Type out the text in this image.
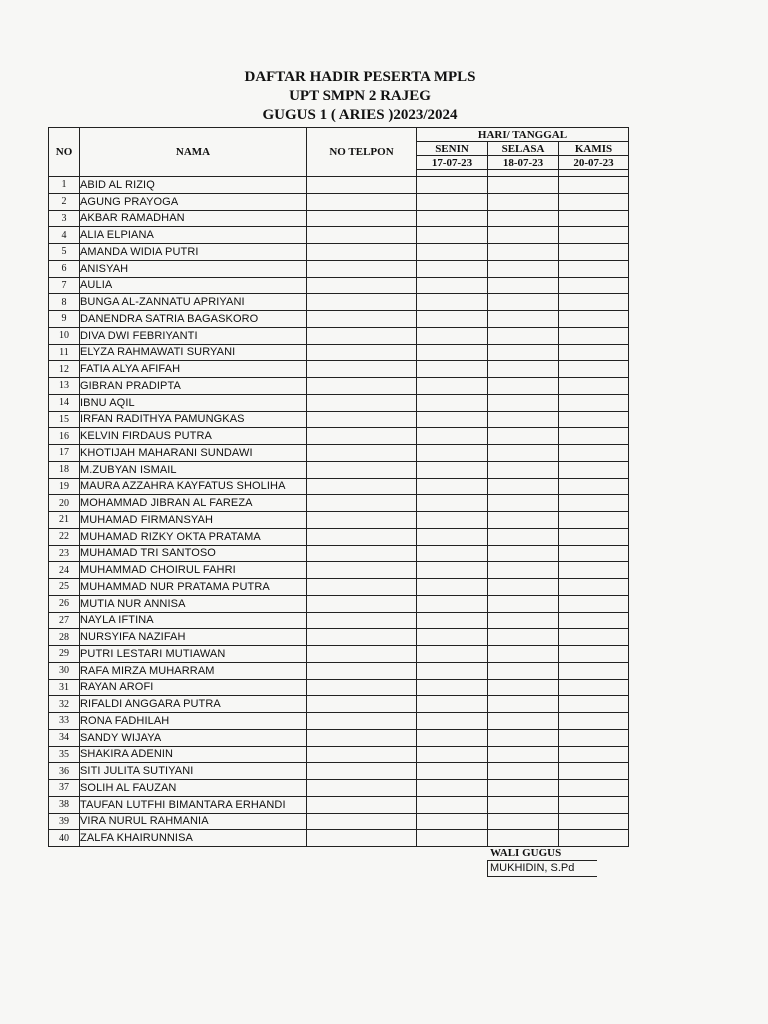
DAFTAR HADIR PESERTA MPLS
UPT SMPN 2 RAJEG
GUGUS 1 ( ARIES )2023/2024
NO	NAMA	NO TELPON	HARI/ TANGGAL		
			SENIN	SELASA	KAMIS
			17-07-23	18-07-23	20-07-23

1	ABID AL RIZIQ				
2	AGUNG PRAYOGA				
3	AKBAR RAMADHAN				
4	ALIA ELPIANA				
5	AMANDA WIDIA PUTRI				
6	ANISYAH				
7	AULIA				
8	BUNGA AL-ZANNATU APRIYANI				
9	DANENDRA SATRIA BAGASKORO				
10	DIVA DWI FEBRIYANTI				
11	ELYZA RAHMAWATI SURYANI				
12	FATIA ALYA AFIFAH				
13	GIBRAN PRADIPTA				
14	IBNU AQIL				
15	IRFAN RADITHYA PAMUNGKAS				
16	KELVIN FIRDAUS PUTRA				
17	KHOTIJAH MAHARANI SUNDAWI				
18	M.ZUBYAN ISMAIL				
19	MAURA AZZAHRA KAYFATUS SHOLIHA				
20	MOHAMMAD JIBRAN AL FAREZA				
21	MUHAMAD FIRMANSYAH				
22	MUHAMAD RIZKY OKTA PRATAMA				
23	MUHAMAD TRI SANTOSO				
24	MUHAMMAD CHOIRUL FAHRI				
25	MUHAMMAD NUR PRATAMA PUTRA				
26	MUTIA NUR ANNISA				
27	NAYLA IFTINA				
28	NURSYIFA NAZIFAH				
29	PUTRI LESTARI MUTIAWAN				
30	RAFA MIRZA MUHARRAM				
31	RAYAN AROFI				
32	RIFALDI ANGGARA PUTRA				
33	RONA FADHILAH				
34	SANDY WIJAYA				
35	SHAKIRA ADENIN				
36	SITI JULITA SUTIYANI				
37	SOLIH AL FAUZAN				
38	TAUFAN LUTFHI BIMANTARA ERHANDI				
39	VIRA NURUL RAHMANIA				
40	ZALFA KHAIRUNNISA				
WALI GUGUS
MUKHIDIN, S.Pd
